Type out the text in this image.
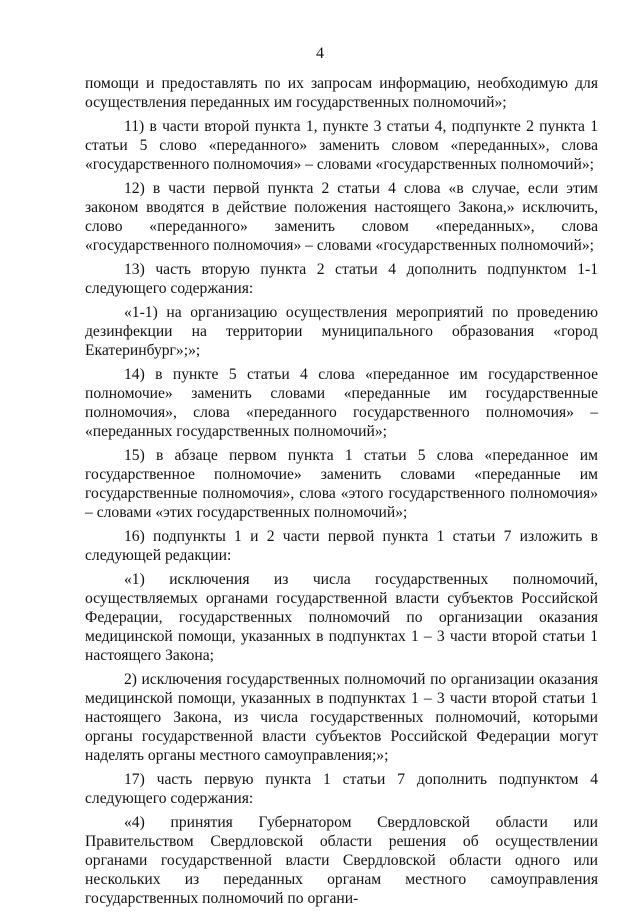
4

помощи и предоставлять по их запросам информацию, необходимую для осуществления переданных им государственных полномочий»;

11) в части второй пункта 1, пункте 3 статьи 4, подпункте 2 пункта 1 статьи 5 слово «переданного» заменить словом «переданных», слова «государственного полномочия» – словами «государственных полномочий»;

12) в части первой пункта 2 статьи 4 слова «в случае, если этим законом вводятся в действие положения настоящего Закона,» исключить, слово «переданного» заменить словом «переданных», слова «государственного полномочия» – словами «государственных полномочий»;

13) часть вторую пункта 2 статьи 4 дополнить подпунктом 1-1 следующего содержания:

«1-1) на организацию осуществления мероприятий по проведению дезинфекции на территории муниципального образования «город Екатеринбург»;»;

14) в пункте 5 статьи 4 слова «переданное им государственное полномочие» заменить словами «переданные им государственные полномочия», слова «переданного государственного полномочия» – «переданных государственных полномочий»;

15) в абзаце первом пункта 1 статьи 5 слова «переданное им государственное полномочие» заменить словами «переданные им государственные полномочия», слова «этого государственного полномочия» – словами «этих государственных полномочий»;

16) подпункты 1 и 2 части первой пункта 1 статьи 7 изложить в следующей редакции:

«1) исключения из числа государственных полномочий, осуществляемых органами государственной власти субъектов Российской Федерации, государственных полномочий по организации оказания медицинской помощи, указанных в подпунктах 1 – 3 части второй статьи 1 настоящего Закона;

2) исключения государственных полномочий по организации оказания медицинской помощи, указанных в подпунктах 1 – 3 части второй статьи 1 настоящего Закона, из числа государственных полномочий, которыми органы государственной власти субъектов Российской Федерации могут наделять органы местного самоуправления;»;

17) часть первую пункта 1 статьи 7 дополнить подпунктом 4 следующего содержания:

«4) принятия Губернатором Свердловской области или Правительством Свердловской области решения об осуществлении органами государственной власти Свердловской области одного или нескольких из переданных органам местного самоуправления государственных полномочий по органи-
